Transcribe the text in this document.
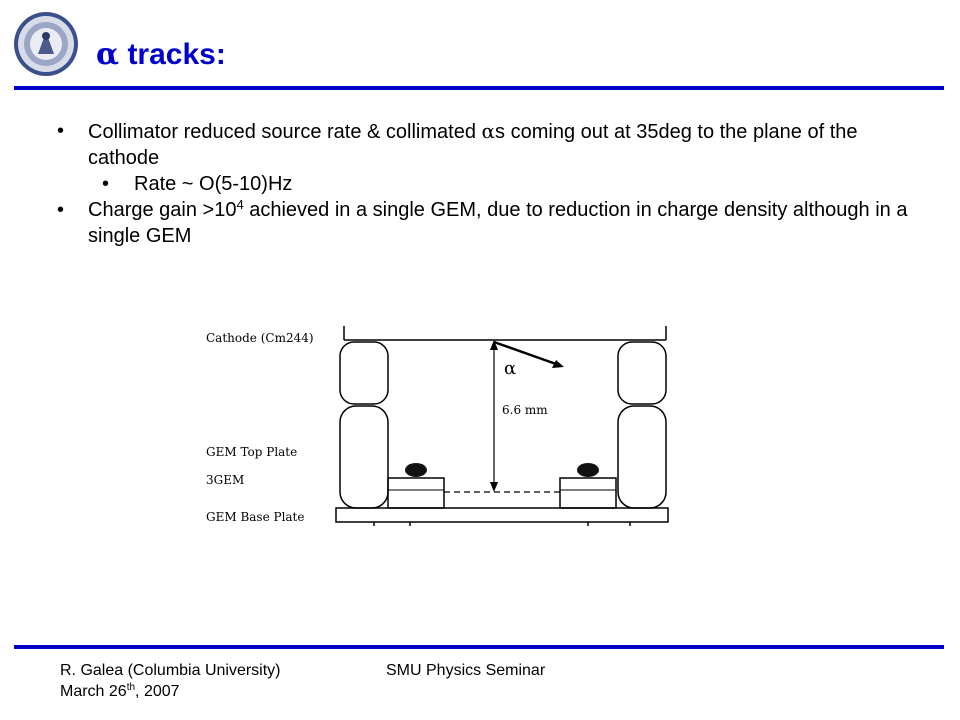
α tracks:

• Collimator reduced source rate & collimated αs coming out at 35deg to the plane of the cathode

• Rate ~ O(5-10)Hz

• Charge gain $>10^4$ achieved in a single GEM, due to reduction in charge density although in a single GEM

Cathode (Cm244)
α
6.6 mm
GEM Top Plate
3GEM
GEM Base Plate
R. Galea (Columbia University)
March 26th, 2007
SMU Physics Seminar
